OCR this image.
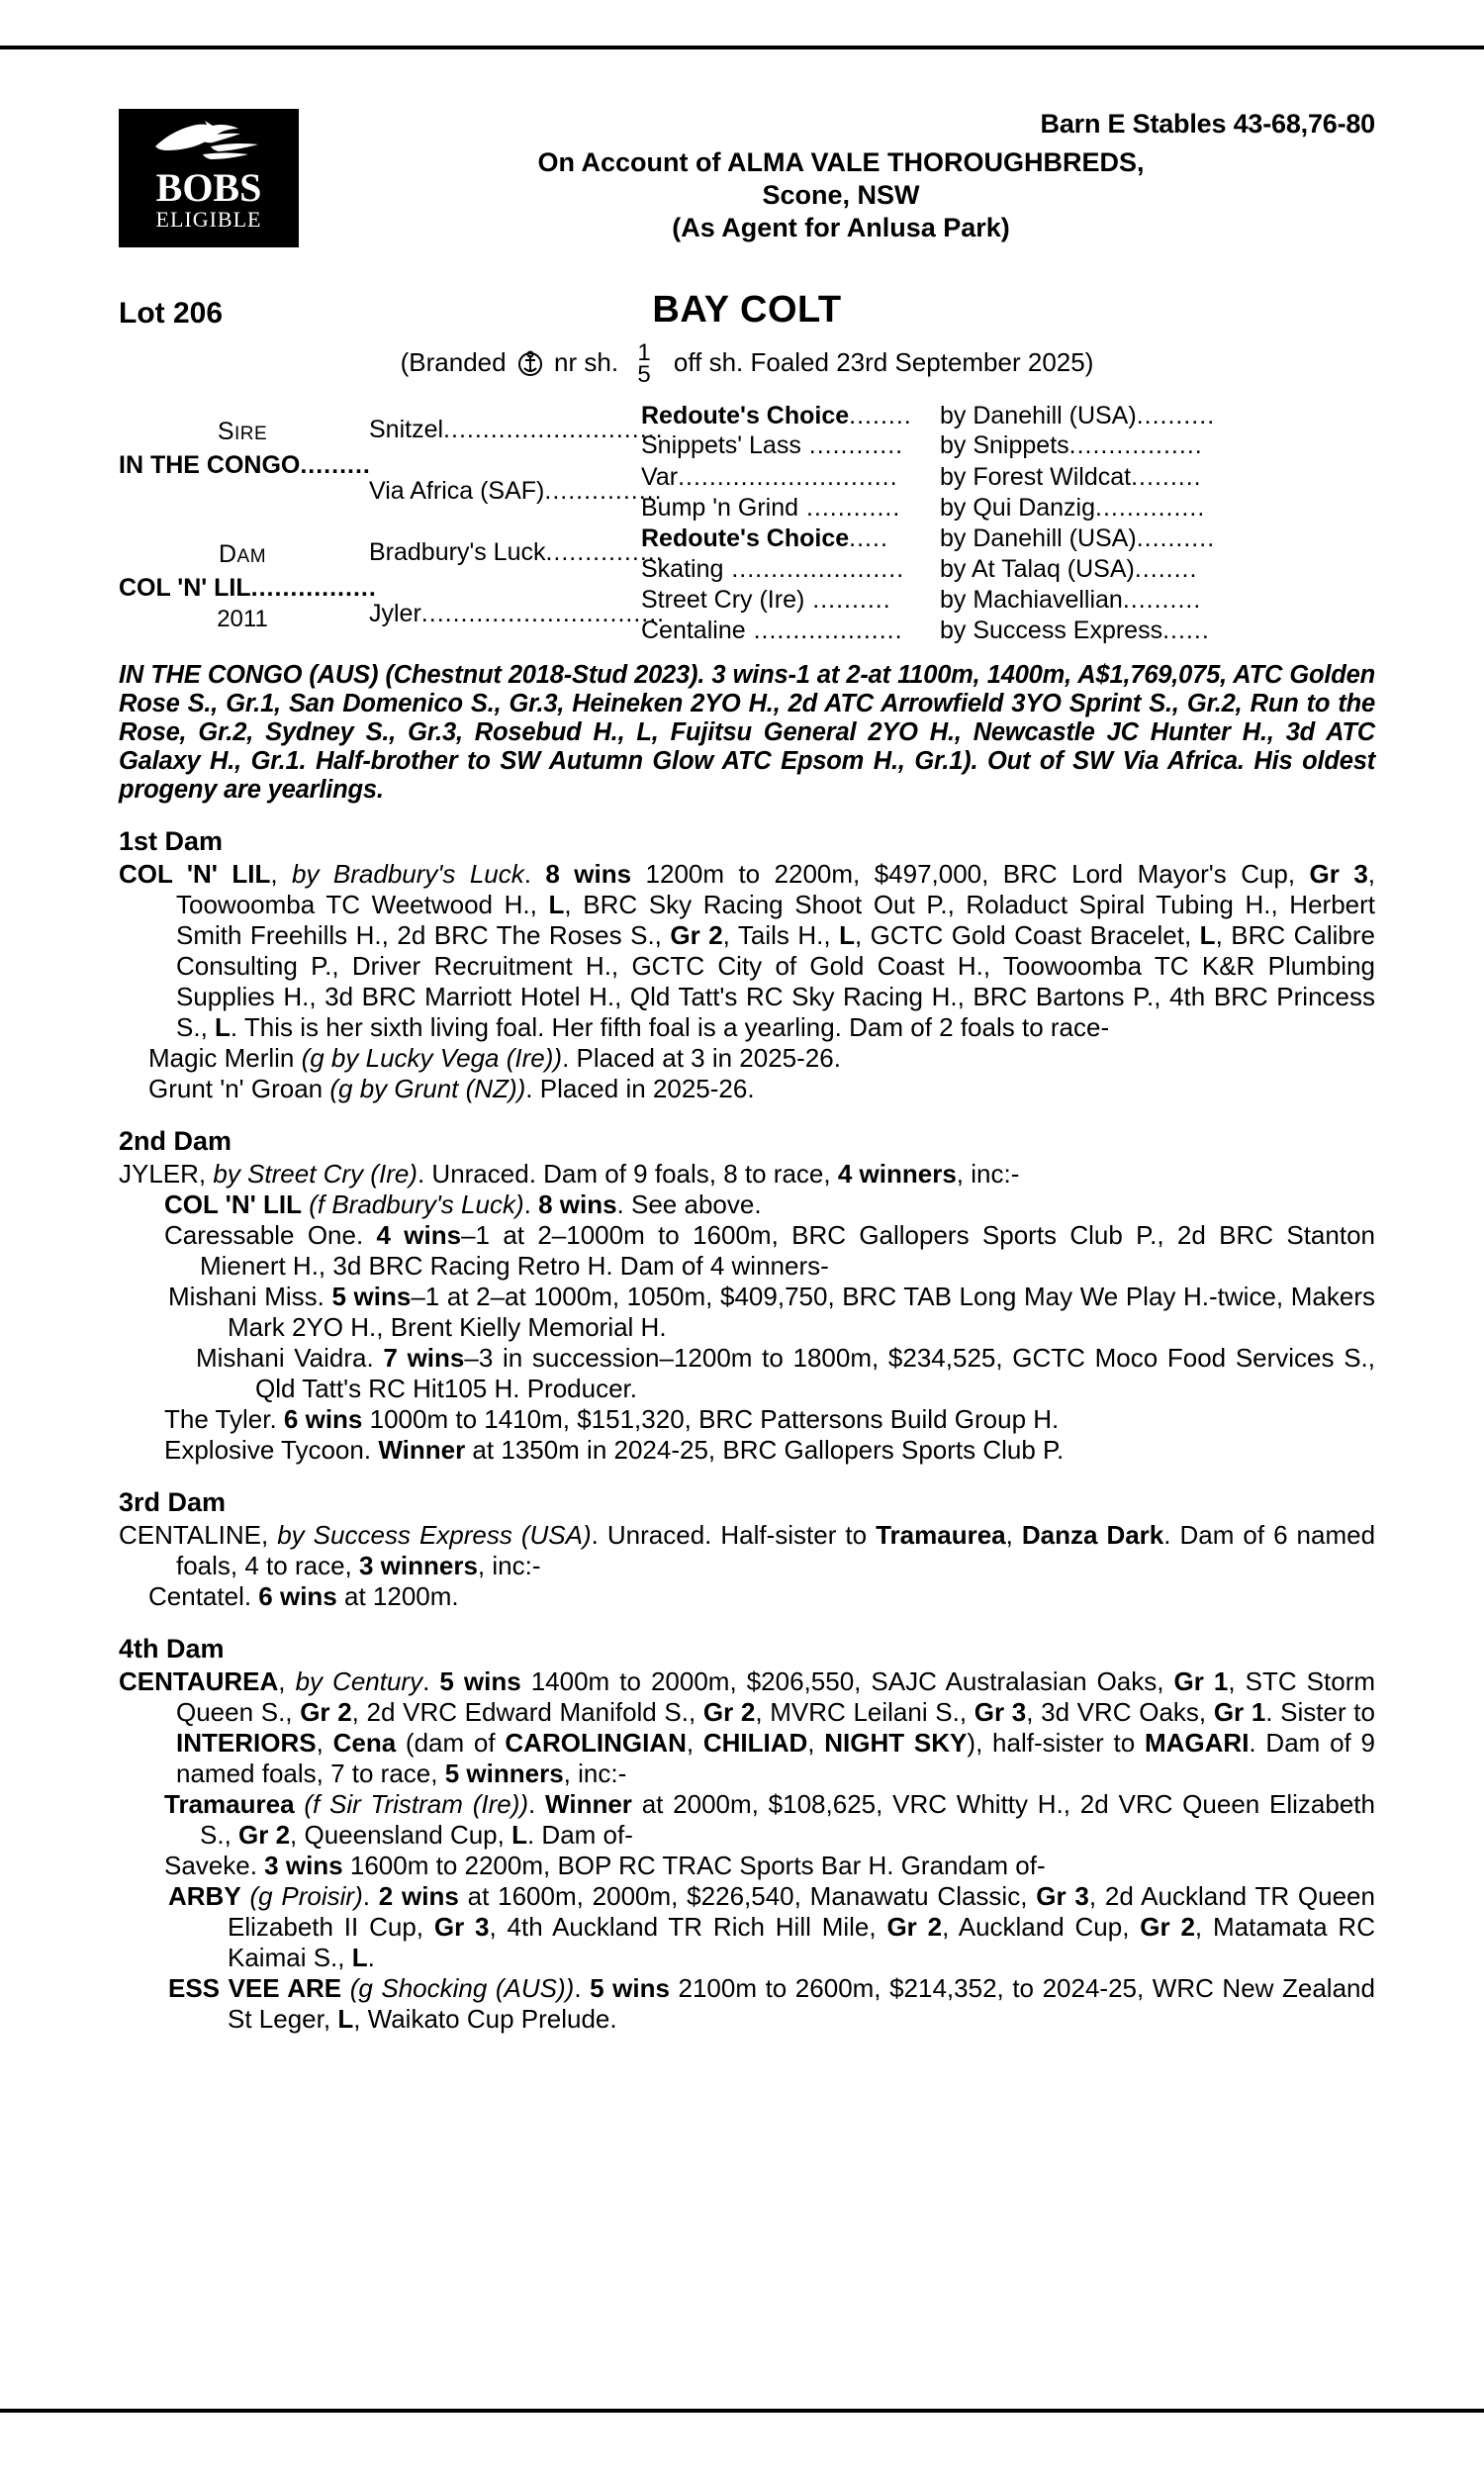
BOBS
ELIGIBLE
Barn E Stables 43-68,76-80
On Account of ALMA VALE THOROUGHBREDS,
Scone, NSW
(As Agent for Anlusa Park)
Lot 206	BAY COLT
(Branded nr sh. 1
5 off sh. Foaled 23rd September 2025)
SIRE
IN THE CONGO.........
DAM
COL 'N' LIL................
2011
Snitzel............................
Via Africa (SAF)...............
Bradbury's Luck...............
Jyler...............................
Redoute's Choice........
Snippets' Lass ............
Var............................
Bump 'n Grind ............
Redoute's Choice.....
Skating ......................
Street Cry (Ire) ..........
Centaline ...................
by Danehill (USA)..........
by Snippets.................
by Forest Wildcat.........
by Qui Danzig..............
by Danehill (USA)..........
by At Talaq (USA)........
by Machiavellian..........
by Success Express......
IN THE CONGO (AUS) (Chestnut 2018-Stud 2023). 3 wins-1 at 2-at 1100m, 1400m, A$1,769,075, ATC Golden Rose S., Gr.1, San Domenico S., Gr.3, Heineken 2YO H., 2d ATC Arrowfield 3YO Sprint S., Gr.2, Run to the Rose, Gr.2, Sydney S., Gr.3, Rosebud H., L, Fujitsu General 2YO H., Newcastle JC Hunter H., 3d ATC Galaxy H., Gr.1. Half-brother to SW Autumn Glow ATC Epsom H., Gr.1). Out of SW Via Africa. His oldest progeny are yearlings.
1st Dam
COL 'N' LIL, by Bradbury's Luck. 8 wins 1200m to 2200m, $497,000, BRC Lord Mayor's Cup, Gr 3, Toowoomba TC Weetwood H., L, BRC Sky Racing Shoot Out P., Roladuct Spiral Tubing H., Herbert Smith Freehills H., 2d BRC The Roses S., Gr 2, Tails H., L, GCTC Gold Coast Bracelet, L, BRC Calibre Consulting P., Driver Recruitment H., GCTC City of Gold Coast H., Toowoomba TC K&R Plumbing Supplies H., 3d BRC Marriott Hotel H., Qld Tatt's RC Sky Racing H., BRC Bartons P., 4th BRC Princess S., L. This is her sixth living foal. Her fifth foal is a yearling. Dam of 2 foals to race-
Magic Merlin (g by Lucky Vega (Ire)). Placed at 3 in 2025-26.
Grunt 'n' Groan (g by Grunt (NZ)). Placed in 2025-26.
2nd Dam
JYLER, by Street Cry (Ire). Unraced. Dam of 9 foals, 8 to race, 4 winners, inc:-
COL 'N' LIL (f Bradbury's Luck). 8 wins. See above.
Caressable One. 4 wins–1 at 2–1000m to 1600m, BRC Gallopers Sports Club P., 2d BRC Stanton Mienert H., 3d BRC Racing Retro H. Dam of 4 winners-
Mishani Miss. 5 wins–1 at 2–at 1000m, 1050m, $409,750, BRC TAB Long May We Play H.-twice, Makers Mark 2YO H., Brent Kielly Memorial H.
Mishani Vaidra. 7 wins–3 in succession–1200m to 1800m, $234,525, GCTC Moco Food Services S., Qld Tatt's RC Hit105 H. Producer.
The Tyler. 6 wins 1000m to 1410m, $151,320, BRC Pattersons Build Group H.
Explosive Tycoon. Winner at 1350m in 2024-25, BRC Gallopers Sports Club P.
3rd Dam
CENTALINE, by Success Express (USA). Unraced. Half-sister to Tramaurea, Danza Dark. Dam of 6 named foals, 4 to race, 3 winners, inc:-
Centatel. 6 wins at 1200m.
4th Dam
CENTAUREA, by Century. 5 wins 1400m to 2000m, $206,550, SAJC Australasian Oaks, Gr 1, STC Storm Queen S., Gr 2, 2d VRC Edward Manifold S., Gr 2, MVRC Leilani S., Gr 3, 3d VRC Oaks, Gr 1. Sister to INTERIORS, Cena (dam of CAROLINGIAN, CHILIAD, NIGHT SKY), half-sister to MAGARI. Dam of 9 named foals, 7 to race, 5 winners, inc:-
Tramaurea (f Sir Tristram (Ire)). Winner at 2000m, $108,625, VRC Whitty H., 2d VRC Queen Elizabeth S., Gr 2, Queensland Cup, L. Dam of-
Saveke. 3 wins 1600m to 2200m, BOP RC TRAC Sports Bar H. Grandam of-
ARBY (g Proisir). 2 wins at 1600m, 2000m, $226,540, Manawatu Classic, Gr 3, 2d Auckland TR Queen Elizabeth II Cup, Gr 3, 4th Auckland TR Rich Hill Mile, Gr 2, Auckland Cup, Gr 2, Matamata RC Kaimai S., L.
ESS VEE ARE (g Shocking (AUS)). 5 wins 2100m to 2600m, $214,352, to 2024-25, WRC New Zealand St Leger, L, Waikato Cup Prelude.
